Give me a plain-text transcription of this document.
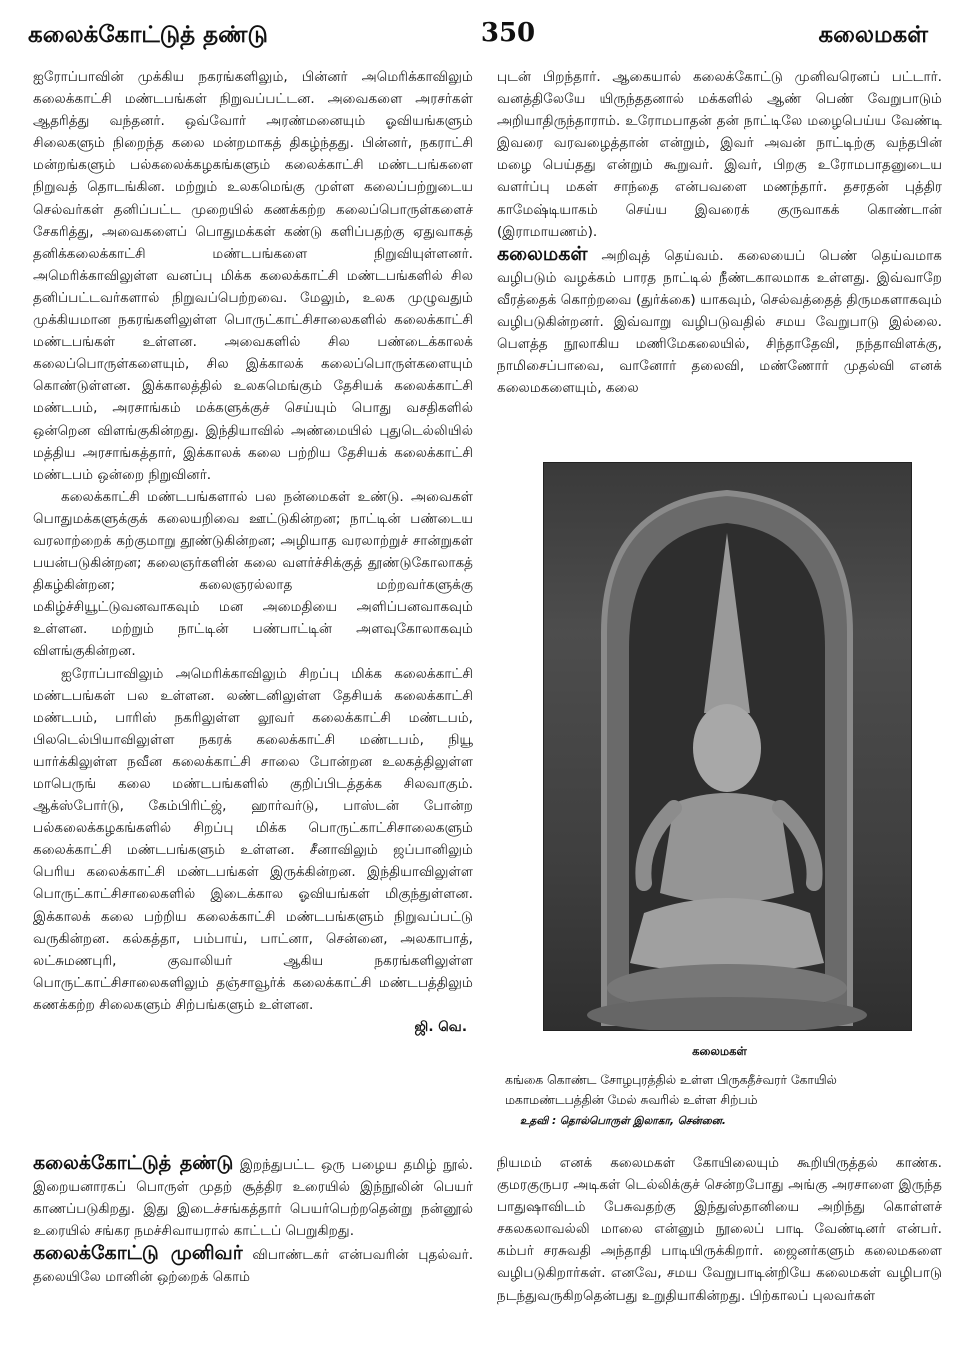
கலைக்கோட்டுத் தண்டு	350	கலைமகள்

ஐரோப்பாவின் முக்கிய நகரங்களிலும், பின்னர் அமெரிக்காவிலும் கலைக்காட்சி மண்டபங்கள் நிறுவப்பட்டன. அவைகளை அரசர்கள் ஆதரித்து வந்தனர். ஒவ்வோர் அரண்மனையும் ஓவியங்களும் சிலைகளும் நிறைந்த கலை மன்றமாகத் திகழ்ந்தது. பின்னர், நகராட்சி மன்றங்களும் பல்கலைக்கழகங்களும் கலைக்காட்சி மண்டபங்களை நிறுவத் தொடங்கின. மற்றும் உலகமெங்கு முள்ள கலைப்பற்றுடைய செல்வர்கள் தனிப்பட்ட முறையில் கணக்கற்ற கலைப்பொருள்களைச் சேகரித்து, அவைகளைப் பொதுமக்கள் கண்டு களிப்பதற்கு ஏதுவாகத் தனிக்கலைக்காட்சி மண்டபங்களை நிறுவியுள்ளனர். அமெரிக்காவிலுள்ள வனப்பு மிக்க கலைக்காட்சி மண்டபங்களில் சில தனிப்பட்டவர்களால் நிறுவப்பெற்றவை. மேலும், உலக முழுவதும் முக்கியமான நகரங்களிலுள்ள பொருட்காட்சிசாலைகளில் கலைக்காட்சி மண்டபங்கள் உள்ளன. அவைகளில் சில பண்டைக்காலக் கலைப்பொருள்களையும், சில இக்காலக் கலைப்பொருள்களையும் கொண்டுள்ளன. இக்காலத்தில் உலகமெங்கும் தேசியக் கலைக்காட்சி மண்டபம், அரசாங்கம் மக்களுக்குச் செய்யும் பொது வசதிகளில் ஒன்றென விளங்குகின்றது. இந்தியாவில் அண்மையில் புதுடெல்லியில் மத்திய அரசாங்கத்தார், இக்காலக் கலை பற்றிய தேசியக் கலைக்காட்சி மண்டபம் ஒன்றை நிறுவினர்.

கலைக்காட்சி மண்டபங்களால் பல நன்மைகள் உண்டு. அவைகள் பொதுமக்களுக்குக் கலையறிவை ஊட்டுகின்றன; நாட்டின் பண்டைய வரலாற்றைக் கற்குமாறு தூண்டுகின்றன; அழியாத வரலாற்றுச் சான்றுகள் பயன்படுகின்றன; கலைஞர்களின் கலை வளர்ச்சிக்குத் தூண்டுகோலாகத் திகழ்கின்றன; கலைஞரல்லாத மற்றவர்களுக்கு மகிழ்ச்சியூட்டுவனவாகவும் மன அமைதியை அளிப்பனவாகவும் உள்ளன. மற்றும் நாட்டின் பண்பாட்டின் அளவுகோலாகவும் விளங்குகின்றன.

ஐரோப்பாவிலும் அமெரிக்காவிலும் சிறப்பு மிக்க கலைக்காட்சி மண்டபங்கள் பல உள்ளன. லண்டனிலுள்ள தேசியக் கலைக்காட்சி மண்டபம், பாரிஸ் நகரிலுள்ள லூவர் கலைக்காட்சி மண்டபம், பிலடெல்பியாவிலுள்ள நகரக் கலைக்காட்சி மண்டபம், நியூ யார்க்கிலுள்ள நவீன கலைக்காட்சி சாலை போன்றன உலகத்திலுள்ள மாபெருங் கலை மண்டபங்களில் குறிப்பிடத்தக்க சிலவாகும். ஆக்ஸ்போர்டு, கேம்பிரிட்ஜ், ஹார்வர்டு, பாஸ்டன் போன்ற பல்கலைக்கழகங்களில் சிறப்பு மிக்க பொருட்காட்சிசாலைகளும் கலைக்காட்சி மண்டபங்களும் உள்ளன. சீனாவிலும் ஜப்பானிலும் பெரிய கலைக்காட்சி மண்டபங்கள் இருக்கின்றன. இந்தியாவிலுள்ள பொருட்காட்சிசாலைகளில் இடைக்கால ஓவியங்கள் மிகுந்துள்ளன. இக்காலக் கலை பற்றிய கலைக்காட்சி மண்டபங்களும் நிறுவப்பட்டு வருகின்றன. கல்கத்தா, பம்பாய், பாட்னா, சென்னை, அலகாபாத், லட்சுமணபுரி, குவாலியர் ஆகிய நகரங்களிலுள்ள பொருட்காட்சிசாலைகளிலும் தஞ்சாவூர்க் கலைக்காட்சி மண்டபத்திலும் கணக்கற்ற சிலைகளும் சிற்பங்களும் உள்ளன.

ஜி. வெ.

கலைக்கோட்டுத் தண்டு இறந்துபட்ட ஒரு பழைய தமிழ் நூல். இறையனாரகப் பொருள் முதற் சூத்திர உரையில் இந்நூலின் பெயர் காணப்படுகிறது. இது இடைச்சங்கத்தார் பெயர்பெற்றதென்று நன்னூல் உரையில் சங்கர நமச்சிவாயரால் காட்டப் பெறுகிறது.

கலைக்கோட்டு முனிவர் விபாண்டகர் என்பவரின் புதல்வர். தலையிலே மானின் ஒற்றைக் கொம்

புடன் பிறந்தார். ஆகையால் கலைக்கோட்டு முனிவரெனப் பட்டார். வனத்திலேயே யிருந்ததனால் மக்களில் ஆண் பெண் வேறுபாடும் அறியாதிருந்தாராம். உரோமபாதன் தன் நாட்டிலே மழைபெய்ய வேண்டி இவரை வரவழைத்தான் என்றும், இவர் அவன் நாட்டிற்கு வந்தபின் மழை பெய்தது என்றும் கூறுவர். இவர், பிறகு உரோமபாதனுடைய வளர்ப்பு மகள் சாந்தை என்பவளை மணந்தார். தசரதன் புத்திர காமேஷ்டியாகம் செய்ய இவரைக் குருவாகக் கொண்டான் (இராமாயணம்).

கலைமகள் அறிவுத் தெய்வம். கலையைப் பெண் தெய்வமாக வழிபடும் வழக்கம் பாரத நாட்டில் நீண்டகாலமாக உள்ளது. இவ்வாறே வீரத்தைக் கொற்றவை (துர்க்கை) யாகவும், செல்வத்தைத் திருமகளாகவும் வழிபடுகின்றனர். இவ்வாறு வழிபடுவதில் சமய வேறுபாடு இல்லை. பௌத்த நூலாகிய மணிமேகலையில், சிந்தாதேவி, நந்தாவிளக்கு, நாமிசைப்பாவை, வானோர் தலைவி, மண்ணோர் முதல்வி எனக் கலைமகளையும், கலை

கலைமகள்
கங்கை கொண்ட சோழபுரத்தில் உள்ள பிருகதீச்வரர் கோயில் மகாமண்டபத்தின் மேல் சுவரில் உள்ள சிற்பம்
உதவி : தொல்பொருள் இலாகா, சென்னை.

நியமம் எனக் கலைமகள் கோயிலையும் கூறியிருத்தல் காண்க. குமரகுருபர அடிகள் டெல்லிக்குச் சென்றபோது அங்கு அரசாளை இருந்த பாதுஷாவிடம் பேசுவதற்கு இந்துஸ்தானியை அறிந்து கொள்ளச் சகலகலாவல்லி மாலை என்னும் நூலைப் பாடி வேண்டினர் என்பர். கம்பர் சரசுவதி அந்தாதி பாடியிருக்கிறார். ஜைனர்களும் கலைமகளை வழிபடுகிறார்கள். எனவே, சமய வேறுபாடின்றியே கலைமகள் வழிபாடு நடந்துவருகிறதென்பது உறுதியாகின்றது. பிற்காலப் புலவர்கள்
